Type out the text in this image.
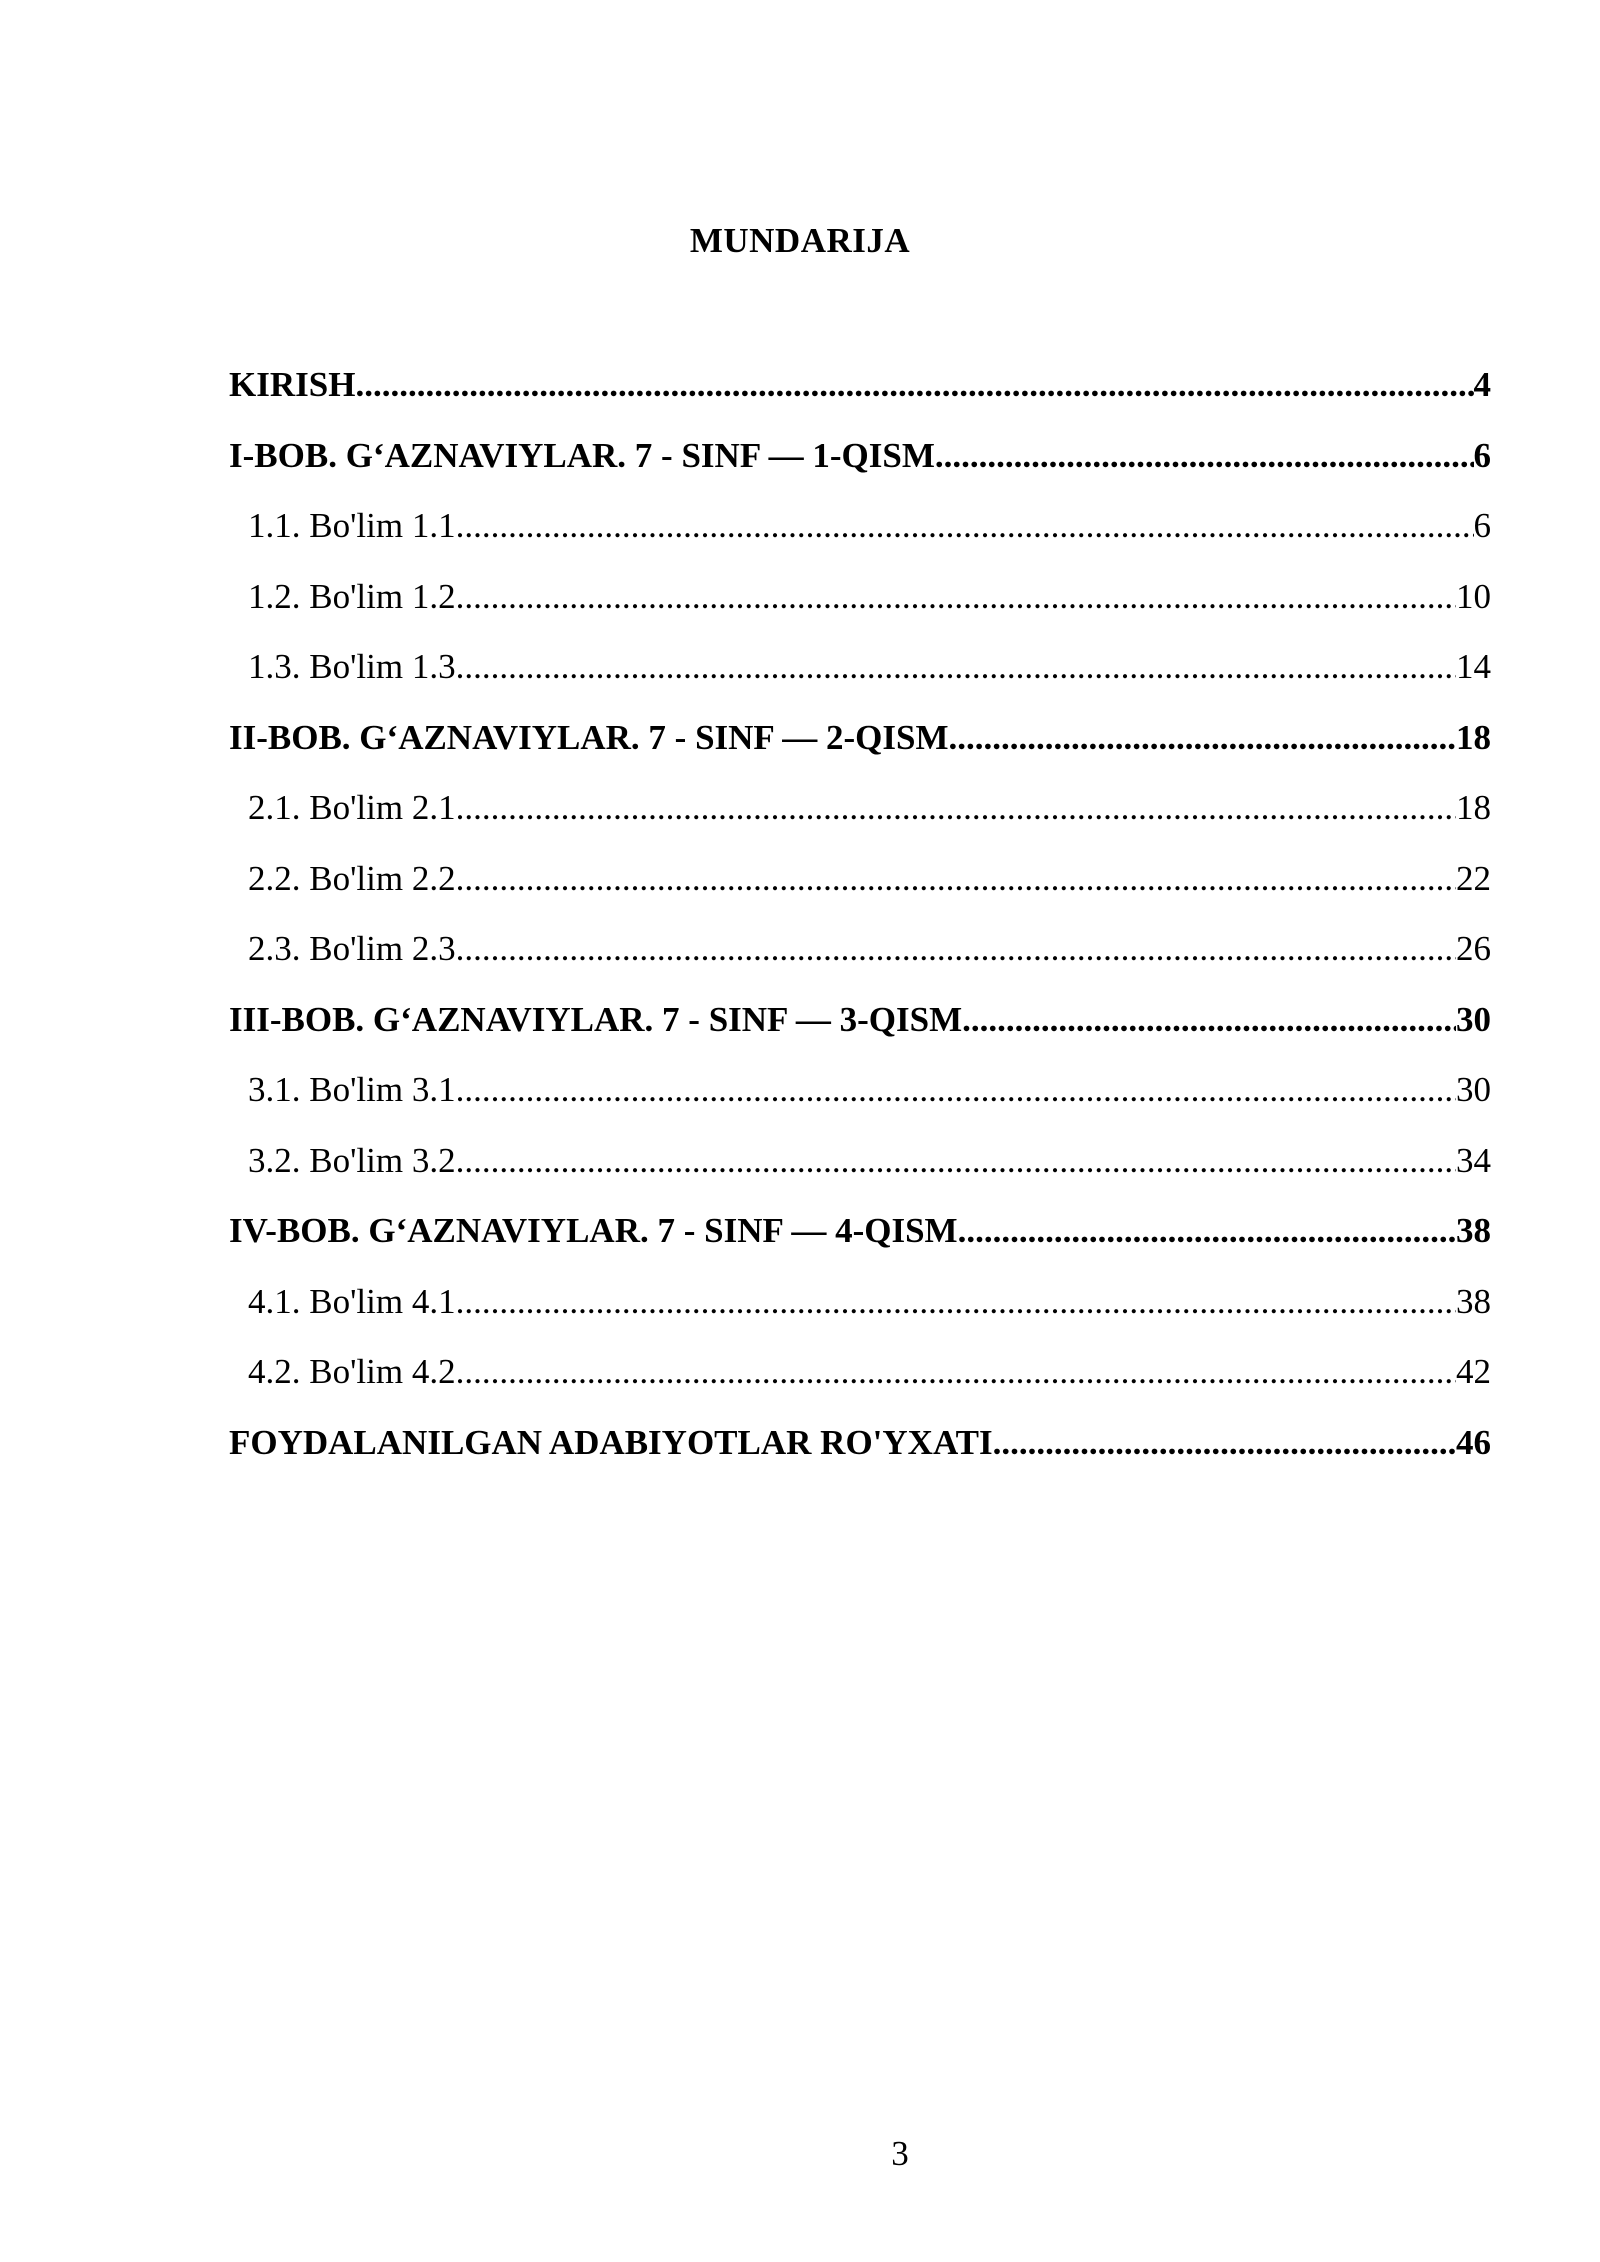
MUNDARIJA
KIRISH .....	4
I-BOB. G‘AZNAVIYLAR. 7 - SINF — 1-QISM .....	6
1.1. Bo'lim 1.1 .....	6
1.2. Bo'lim 1.2 .....	10
1.3. Bo'lim 1.3 .....	14
II-BOB. G‘AZNAVIYLAR. 7 - SINF — 2-QISM .....	18
2.1. Bo'lim 2.1 .....	18
2.2. Bo'lim 2.2 .....	22
2.3. Bo'lim 2.3 .....	26
III-BOB. G‘AZNAVIYLAR. 7 - SINF — 3-QISM .....	30
3.1. Bo'lim 3.1 .....	30
3.2. Bo'lim 3.2 .....	34
IV-BOB. G‘AZNAVIYLAR. 7 - SINF — 4-QISM .....	38
4.1. Bo'lim 4.1 .....	38
4.2. Bo'lim 4.2 .....	42
FOYDALANILGAN ADABIYOTLAR RO'YXATI .....	46
3
